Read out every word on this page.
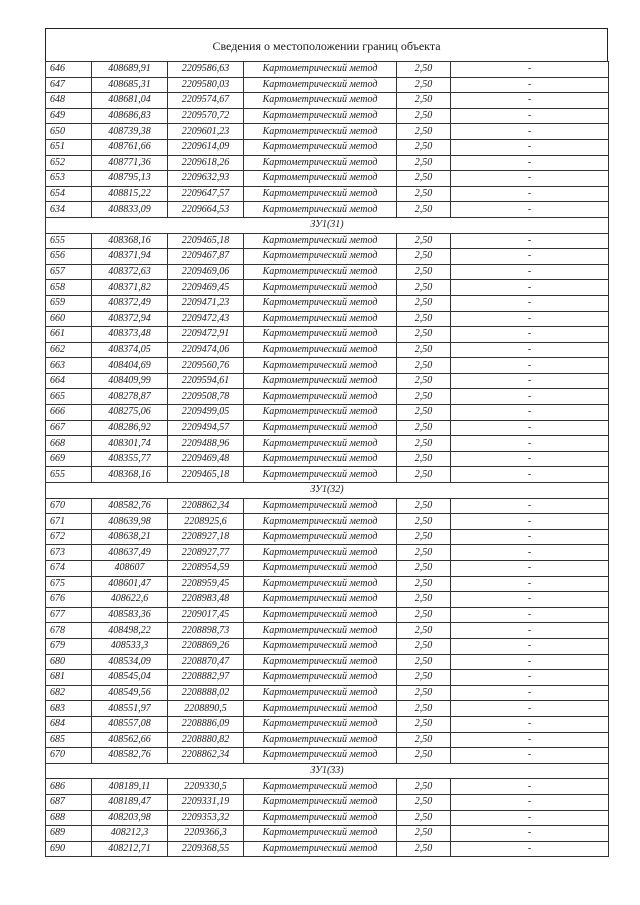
Сведения о местоположении границ объекта
646	408689,91	2209586,63	Картометрический метод	2,50	-
647	408685,31	2209580,03	Картометрический метод	2,50	-
648	408681,04	2209574,67	Картометрический метод	2,50	-
649	408686,83	2209570,72	Картометрический метод	2,50	-
650	408739,38	2209601,23	Картометрический метод	2,50	-
651	408761,66	2209614,09	Картометрический метод	2,50	-
652	408771,36	2209618,26	Картометрический метод	2,50	-
653	408795,13	2209632,93	Картометрический метод	2,50	-
654	408815,22	2209647,57	Картометрический метод	2,50	-
634	408833,09	2209664,53	Картометрический метод	2,50	-
ЗУ1(31)					
655	408368,16	2209465,18	Картометрический метод	2,50	-
656	408371,94	2209467,87	Картометрический метод	2,50	-
657	408372,63	2209469,06	Картометрический метод	2,50	-
658	408371,82	2209469,45	Картометрический метод	2,50	-
659	408372,49	2209471,23	Картометрический метод	2,50	-
660	408372,94	2209472,43	Картометрический метод	2,50	-
661	408373,48	2209472,91	Картометрический метод	2,50	-
662	408374,05	2209474,06	Картометрический метод	2,50	-
663	408404,69	2209560,76	Картометрический метод	2,50	-
664	408409,99	2209594,61	Картометрический метод	2,50	-
665	408278,87	2209508,78	Картометрический метод	2,50	-
666	408275,06	2209499,05	Картометрический метод	2,50	-
667	408286,92	2209494,57	Картометрический метод	2,50	-
668	408301,74	2209488,96	Картометрический метод	2,50	-
669	408355,77	2209469,48	Картометрический метод	2,50	-
655	408368,16	2209465,18	Картометрический метод	2,50	-
ЗУ1(32)					
670	408582,76	2208862,34	Картометрический метод	2,50	-
671	408639,98	2208925,6	Картометрический метод	2,50	-
672	408638,21	2208927,18	Картометрический метод	2,50	-
673	408637,49	2208927,77	Картометрический метод	2,50	-
674	408607	2208954,59	Картометрический метод	2,50	-
675	408601,47	2208959,45	Картометрический метод	2,50	-
676	408622,6	2208983,48	Картометрический метод	2,50	-
677	408583,36	2209017,45	Картометрический метод	2,50	-
678	408498,22	2208898,73	Картометрический метод	2,50	-
679	408533,3	2208869,26	Картометрический метод	2,50	-
680	408534,09	2208870,47	Картометрический метод	2,50	-
681	408545,04	2208882,97	Картометрический метод	2,50	-
682	408549,56	2208888,02	Картометрический метод	2,50	-
683	408551,97	2208890,5	Картометрический метод	2,50	-
684	408557,08	2208886,09	Картометрический метод	2,50	-
685	408562,66	2208880,82	Картометрический метод	2,50	-
670	408582,76	2208862,34	Картометрический метод	2,50	-
ЗУ1(33)					
686	408189,11	2209330,5	Картометрический метод	2,50	-
687	408189,47	2209331,19	Картометрический метод	2,50	-
688	408203,98	2209353,32	Картометрический метод	2,50	-
689	408212,3	2209366,3	Картометрический метод	2,50	-
690	408212,71	2209368,55	Картометрический метод	2,50	-
